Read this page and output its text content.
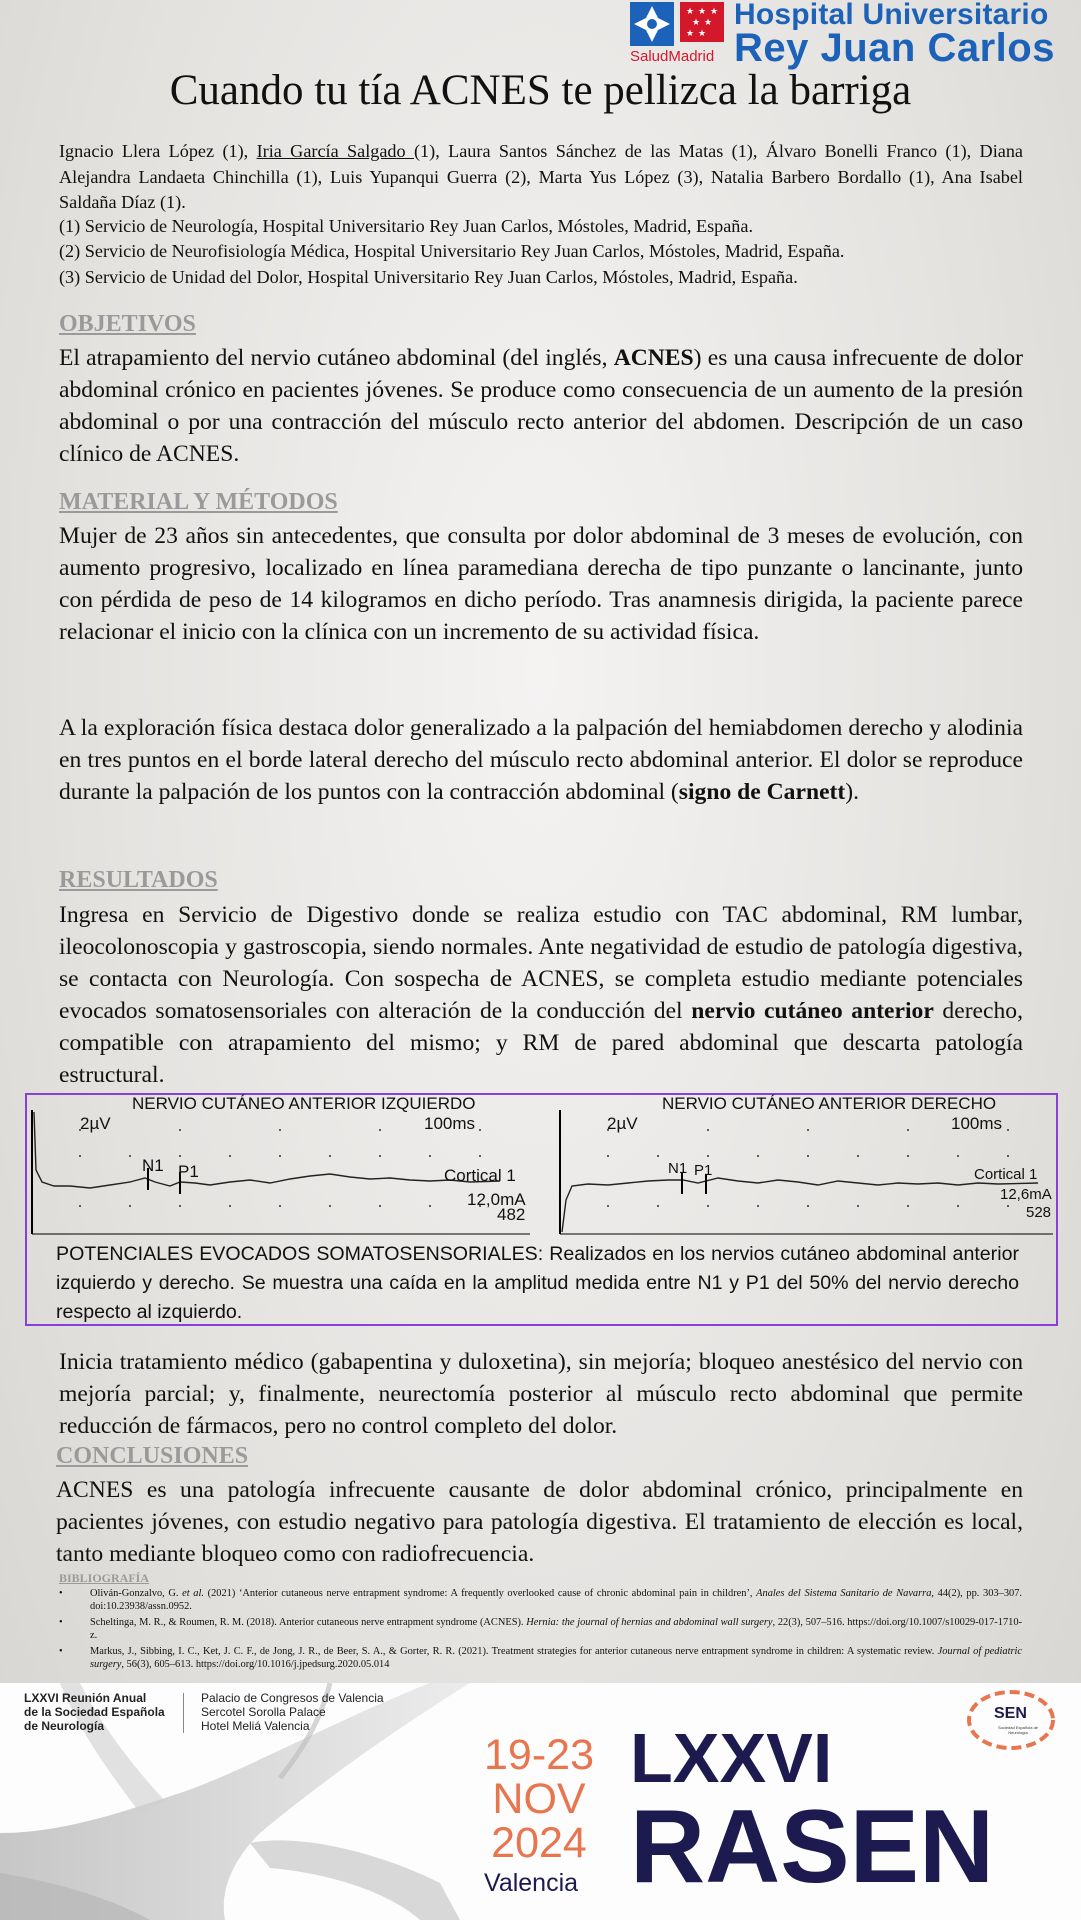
★ ★ ★
★ ★
★ ★
SaludMadrid
Hospital Universitario
Rey Juan Carlos
Cuando tu tía ACNES te pellizca la barriga
Ignacio Llera López (1), Iria García Salgado (1), Laura Santos Sánchez de las Matas (1), Álvaro Bonelli Franco (1), Diana Alejandra Landaeta Chinchilla (1), Luis Yupanqui Guerra (2), Marta Yus López (3), Natalia Barbero Bordallo (1), Ana Isabel Saldaña Díaz (1).
(1) Servicio de Neurología, Hospital Universitario Rey Juan Carlos, Móstoles, Madrid, España.
(2) Servicio de Neurofisiología Médica, Hospital Universitario Rey Juan Carlos, Móstoles, Madrid, España.
(3) Servicio de Unidad del Dolor, Hospital Universitario Rey Juan Carlos, Móstoles, Madrid, España.
OBJETIVOS
El atrapamiento del nervio cutáneo abdominal (del inglés, ACNES) es una causa infrecuente de dolor abdominal crónico en pacientes jóvenes. Se produce como consecuencia de un aumento de la presión abdominal o por una contracción del músculo recto anterior del abdomen. Descripción de un caso clínico de ACNES.
MATERIAL Y MÉTODOS
Mujer de 23 años sin antecedentes, que consulta por dolor abdominal de 3 meses de evolución, con aumento progresivo, localizado en línea paramediana derecha de tipo punzante o lancinante, junto con pérdida de peso de 14 kilogramos en dicho período. Tras anamnesis dirigida, la paciente parece relacionar el inicio con la clínica con un incremento de su actividad física.
A la exploración física destaca dolor generalizado a la palpación del hemiabdomen derecho y alodinia en tres puntos en el borde lateral derecho del músculo recto abdominal anterior. El dolor se reproduce durante la palpación de los puntos con la contracción abdominal (signo de Carnett).
RESULTADOS
Ingresa en Servicio de Digestivo donde se realiza estudio con TAC abdominal, RM lumbar, ileocolonoscopia y gastroscopia, siendo normales. Ante negatividad de estudio de patología digestiva, se contacta con Neurología. Con sospecha de ACNES, se completa estudio mediante potenciales evocados somatosensoriales con alteración de la conducción del nervio cutáneo anterior derecho, compatible con atrapamiento del mismo; y RM de pared abdominal que descarta patología estructural.
NERVIO CUTÁNEO ANTERIOR IZQUIERDO
2µV	100ms
N1 P1	Cortical 1
12,0mA
482
NERVIO CUTÁNEO ANTERIOR DERECHO
2µV	100ms
N1 P1	Cortical 1
12,6mA
528
POTENCIALES EVOCADOS SOMATOSENSORIALES: Realizados en los nervios cutáneo abdominal anterior izquierdo y derecho. Se muestra una caída en la amplitud medida entre N1 y P1 del 50% del nervio derecho respecto al izquierdo.
Inicia tratamiento médico (gabapentina y duloxetina), sin mejoría; bloqueo anestésico del nervio con mejoría parcial; y, finalmente, neurectomía posterior al músculo recto abdominal que permite reducción de fármacos, pero no control completo del dolor.
CONCLUSIONES
ACNES es una patología infrecuente causante de dolor abdominal crónico, principalmente en pacientes jóvenes, con estudio negativo para patología digestiva. El tratamiento de elección es local, tanto mediante bloqueo como con radiofrecuencia.
BIBLIOGRAFÍA
•	Oliván-Gonzalvo, G. et al. (2021) ‘Anterior cutaneous nerve entrapment syndrome: A frequently overlooked cause of chronic abdominal pain in children’, Anales del Sistema Sanitario de Navarra, 44(2), pp. 303–307. doi:10.23938/assn.0952.
•	Scheltinga, M. R., & Roumen, R. M. (2018). Anterior cutaneous nerve entrapment syndrome (ACNES). Hernia: the journal of hernias and abdominal wall surgery, 22(3), 507–516. https://doi.org/10.1007/s10029-017-1710-z.
•	Markus, J., Sibbing, I. C., Ket, J. C. F., de Jong, J. R., de Beer, S. A., & Gorter, R. R. (2021). Treatment strategies for anterior cutaneous nerve entrapment syndrome in children: A systematic review. Journal of pediatric surgery, 56(3), 605–613. https://doi.org/10.1016/j.jpedsurg.2020.05.014
LXXVI Reunión Anual
de la Sociedad Española
de Neurología
Palacio de Congresos de Valencia
Sercotel Sorolla Palace
Hotel Meliá Valencia
19-23
NOV
2024
Valencia
LXXVI
RASEN
SEN
Sociedad Española de Neurología
